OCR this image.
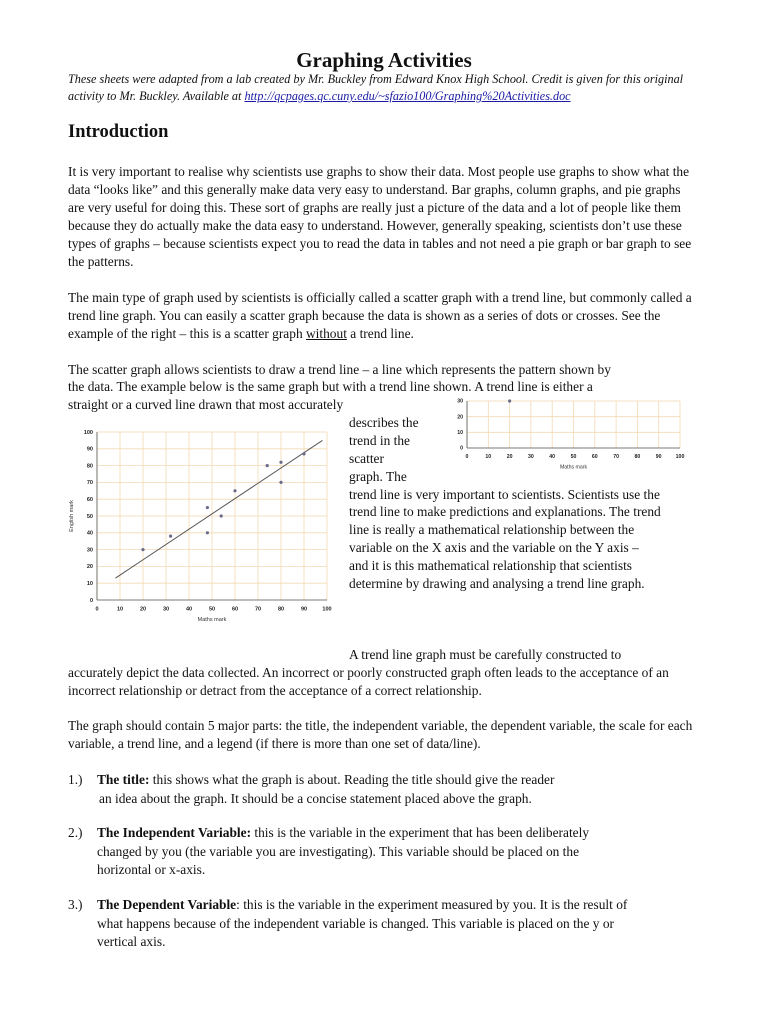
Graphing Activities
These sheets were adapted from a lab created by Mr. Buckley from Edward Knox High School. Credit is given for this original activity to Mr. Buckley. Available at http://qcpages.qc.cuny.edu/~sfazio100/Graphing%20Activities.doc
Introduction
It is very important to realise why scientists use graphs to show their data. Most people use graphs to show what the data “looks like” and this generally make data very easy to understand. Bar graphs, column graphs, and pie graphs are very useful for doing this. These sort of graphs are really just a picture of the data and a lot of people like them because they do actually make the data easy to understand. However, generally speaking, scientists don’t use these types of graphs – because scientists expect you to read the data in tables and not need a pie graph or bar graph to see the patterns.
The main type of graph used by scientists is officially called a scatter graph with a trend line, but commonly called a trend line graph. You can easily a scatter graph because the data is shown as a series of dots or crosses. See the example of the right – this is a scatter graph without a trend line.
The scatter graph allows scientists to draw a trend line – a line which represents the pattern shown by
the data. The example below is the same graph but with a trend line shown. A trend line is either a
straight or a curved line drawn that most accurately
describes the
trend in the
scatter
graph. The
trend line is very important to scientists. Scientists use the
trend line to make predictions and explanations. The trend
line is really a mathematical relationship between the
variable on the X axis and the variable on the Y axis –
and it is this mathematical relationship that scientists
determine by drawing and analysing a trend line graph.
0	10	20	30	40	50	60	70	80	90	100
0
10
20
30
40
50
60
70
80
90
100
Maths mark
English mark
0	10	20	30	40	50	60	70	80	90	100
0
10
20
30
Maths mark
A trend line graph must be carefully constructed to
accurately depict the data collected. An incorrect or poorly constructed graph often leads to the acceptance of an incorrect relationship or detract from the acceptance of a correct relationship.
The graph should contain 5 major parts: the title, the independent variable, the dependent variable, the scale for each variable, a trend line, and a legend (if there is more than one set of data/line).
1.) The title: this shows what the graph is about. Reading the title should give the reader
an idea about the graph. It should be a concise statement placed above the graph.
2.) The Independent Variable: this is the variable in the experiment that has been deliberately
changed by you (the variable you are investigating). This variable should be placed on the
horizontal or x-axis.
3.) The Dependent Variable: this is the variable in the experiment measured by you. It is the result of
what happens because of the independent variable is changed. This variable is placed on the y or
vertical axis.
